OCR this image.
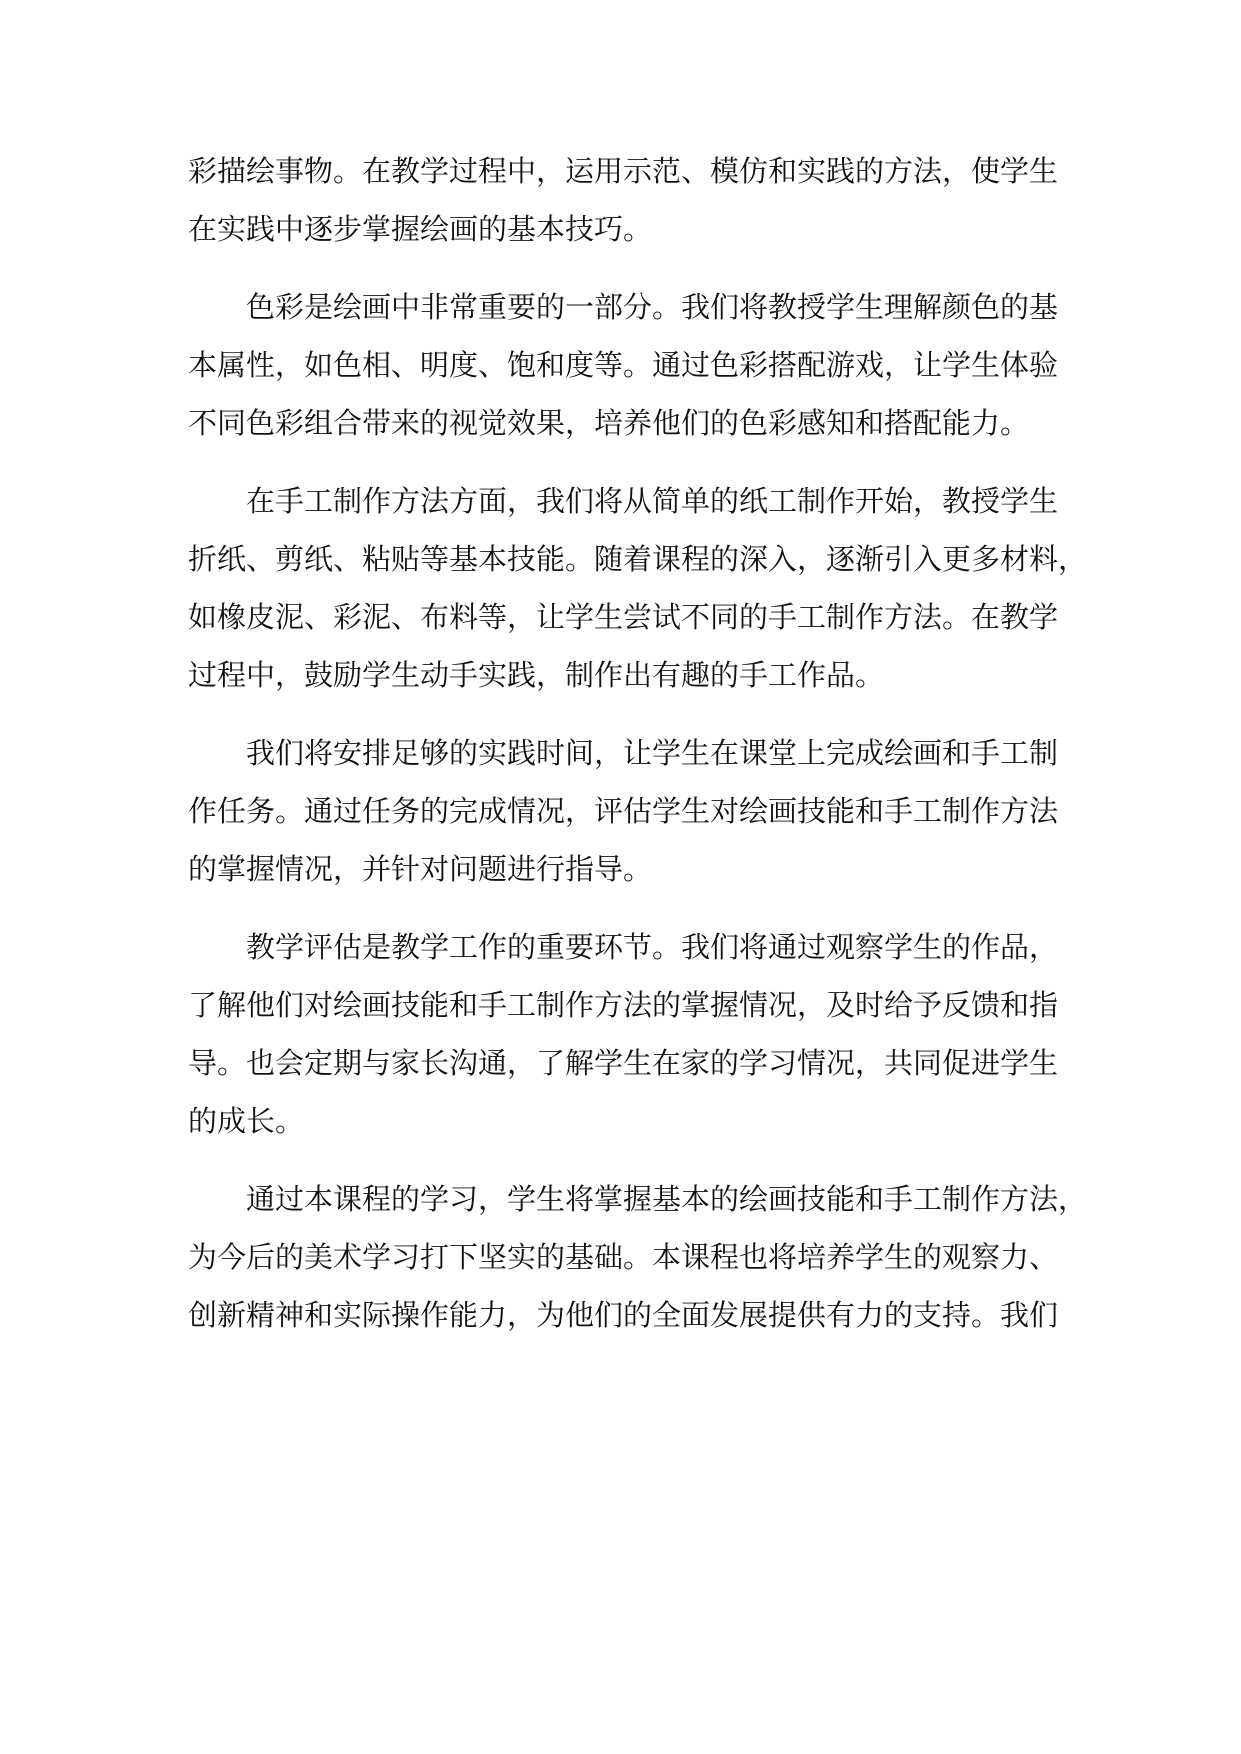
彩描绘事物。在教学过程中，运用示范、模仿和实践的方法，使学生
在实践中逐步掌握绘画的基本技巧。
色彩是绘画中非常重要的一部分。我们将教授学生理解颜色的基
本属性，如色相、明度、饱和度等。通过色彩搭配游戏，让学生体验
不同色彩组合带来的视觉效果，培养他们的色彩感知和搭配能力。
在手工制作方法方面，我们将从简单的纸工制作开始，教授学生
折纸、剪纸、粘贴等基本技能。随着课程的深入，逐渐引入更多材料，
如橡皮泥、彩泥、布料等，让学生尝试不同的手工制作方法。在教学
过程中，鼓励学生动手实践，制作出有趣的手工作品。
我们将安排足够的实践时间，让学生在课堂上完成绘画和手工制
作任务。通过任务的完成情况，评估学生对绘画技能和手工制作方法
的掌握情况，并针对问题进行指导。
教学评估是教学工作的重要环节。我们将通过观察学生的作品，
了解他们对绘画技能和手工制作方法的掌握情况，及时给予反馈和指
导。也会定期与家长沟通，了解学生在家的学习情况，共同促进学生
的成长。
通过本课程的学习，学生将掌握基本的绘画技能和手工制作方法，
为今后的美术学习打下坚实的基础。本课程也将培养学生的观察力、
创新精神和实际操作能力，为他们的全面发展提供有力的支持。我们
